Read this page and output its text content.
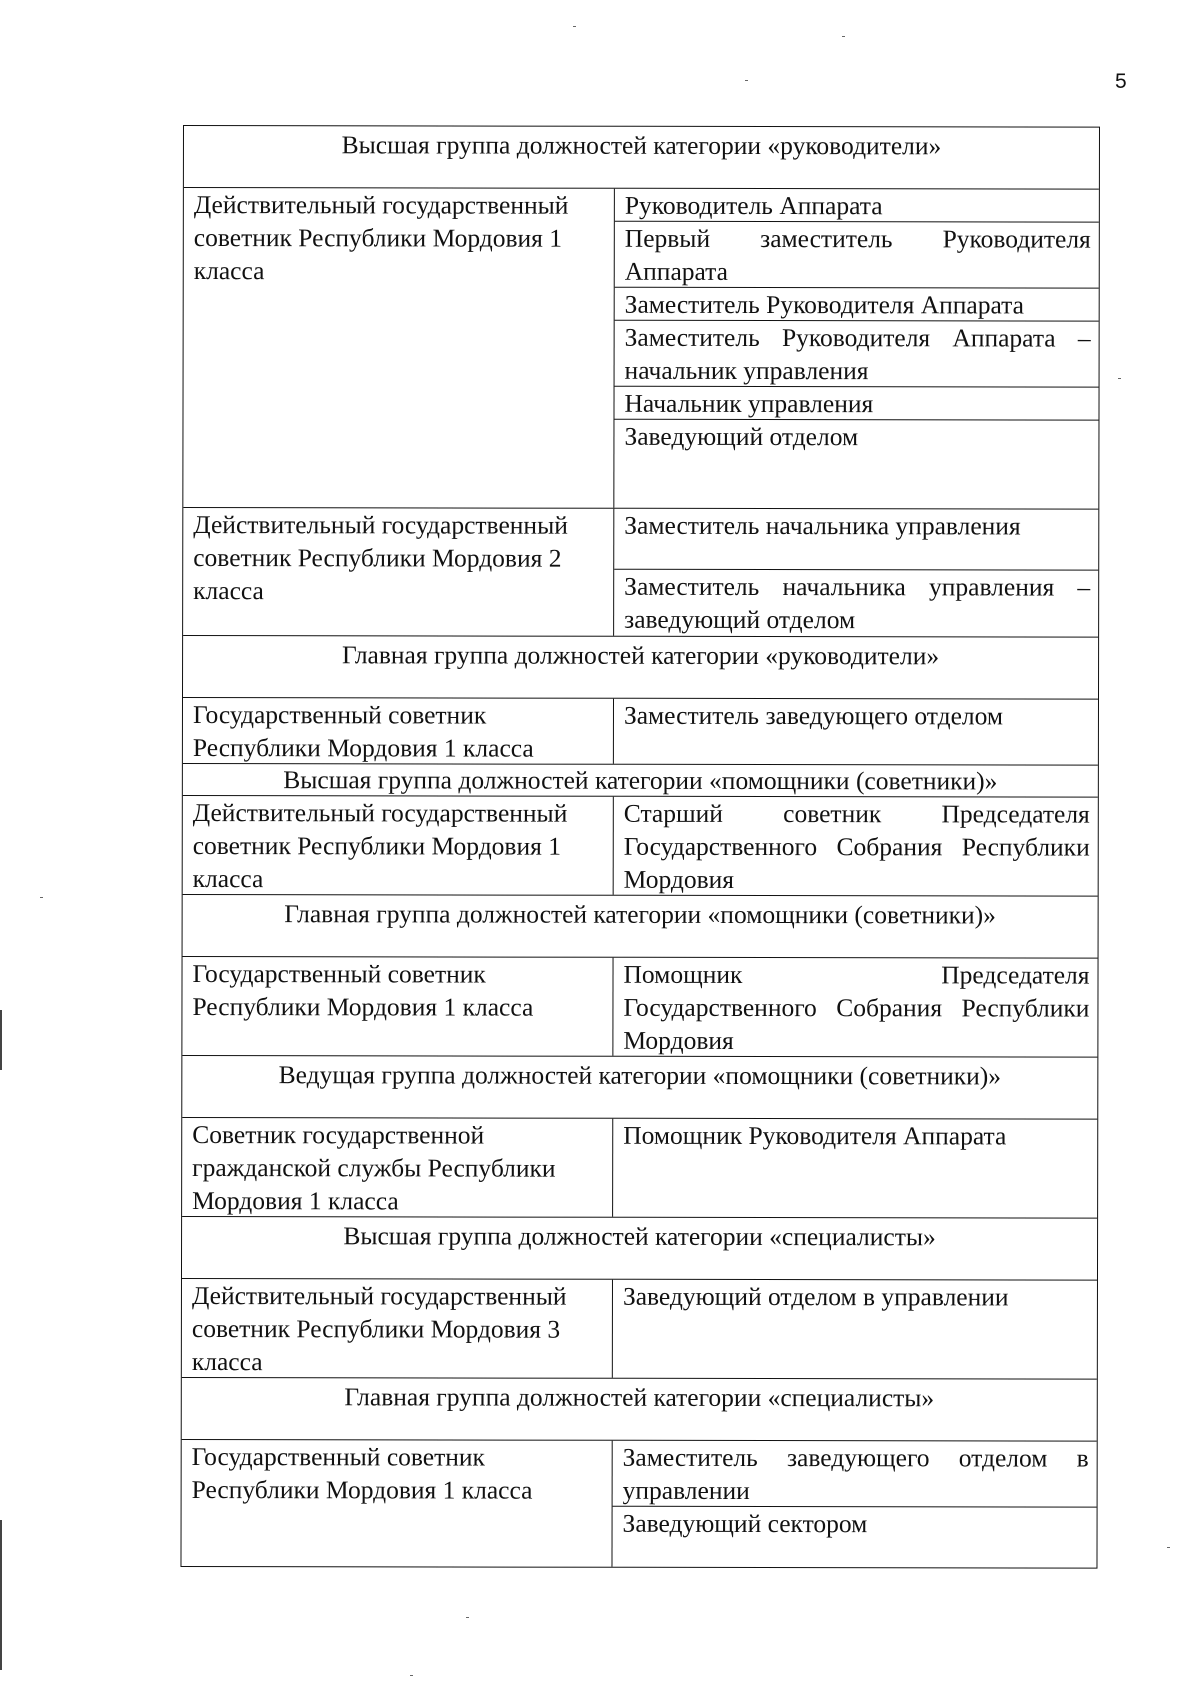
5
Высшая группа должностей категории «руководители»
Действительный государственный советник Республики Мордовия 1 класса
Руководитель Аппарата
Первый заместитель Руководителя Аппарата
Заместитель Руководителя Аппарата
Заместитель Руководителя Аппарата – начальник управления
Начальник управления
Заведующий отделом
Действительный государственный советник Республики Мордовия 2 класса
Заместитель начальника управления
Заместитель начальника управления – заведующий отделом
Главная группа должностей категории «руководители»
Государственный советник Республики Мордовия 1 класса
Заместитель заведующего отделом
Высшая группа должностей категории «помощники (советники)»
Действительный государственный советник Республики Мордовия 1 класса
Старший советник Председателя Государственного Собрания Республики Мордовия
Главная группа должностей категории «помощники (советники)»
Государственный советник Республики Мордовия 1 класса
Помощник Председателя Государственного Собрания Республики Мордовия
Ведущая группа должностей категории «помощники (советники)»
Советник государственной гражданской службы Республики Мордовия 1 класса
Помощник Руководителя Аппарата
Высшая группа должностей категории «специалисты»
Действительный государственный советник Республики Мордовия 3 класса
Заведующий отделом в управлении
Главная группа должностей категории «специалисты»
Государственный советник Республики Мордовия 1 класса
Заместитель заведующего отделом в управлении
Заведующий сектором
